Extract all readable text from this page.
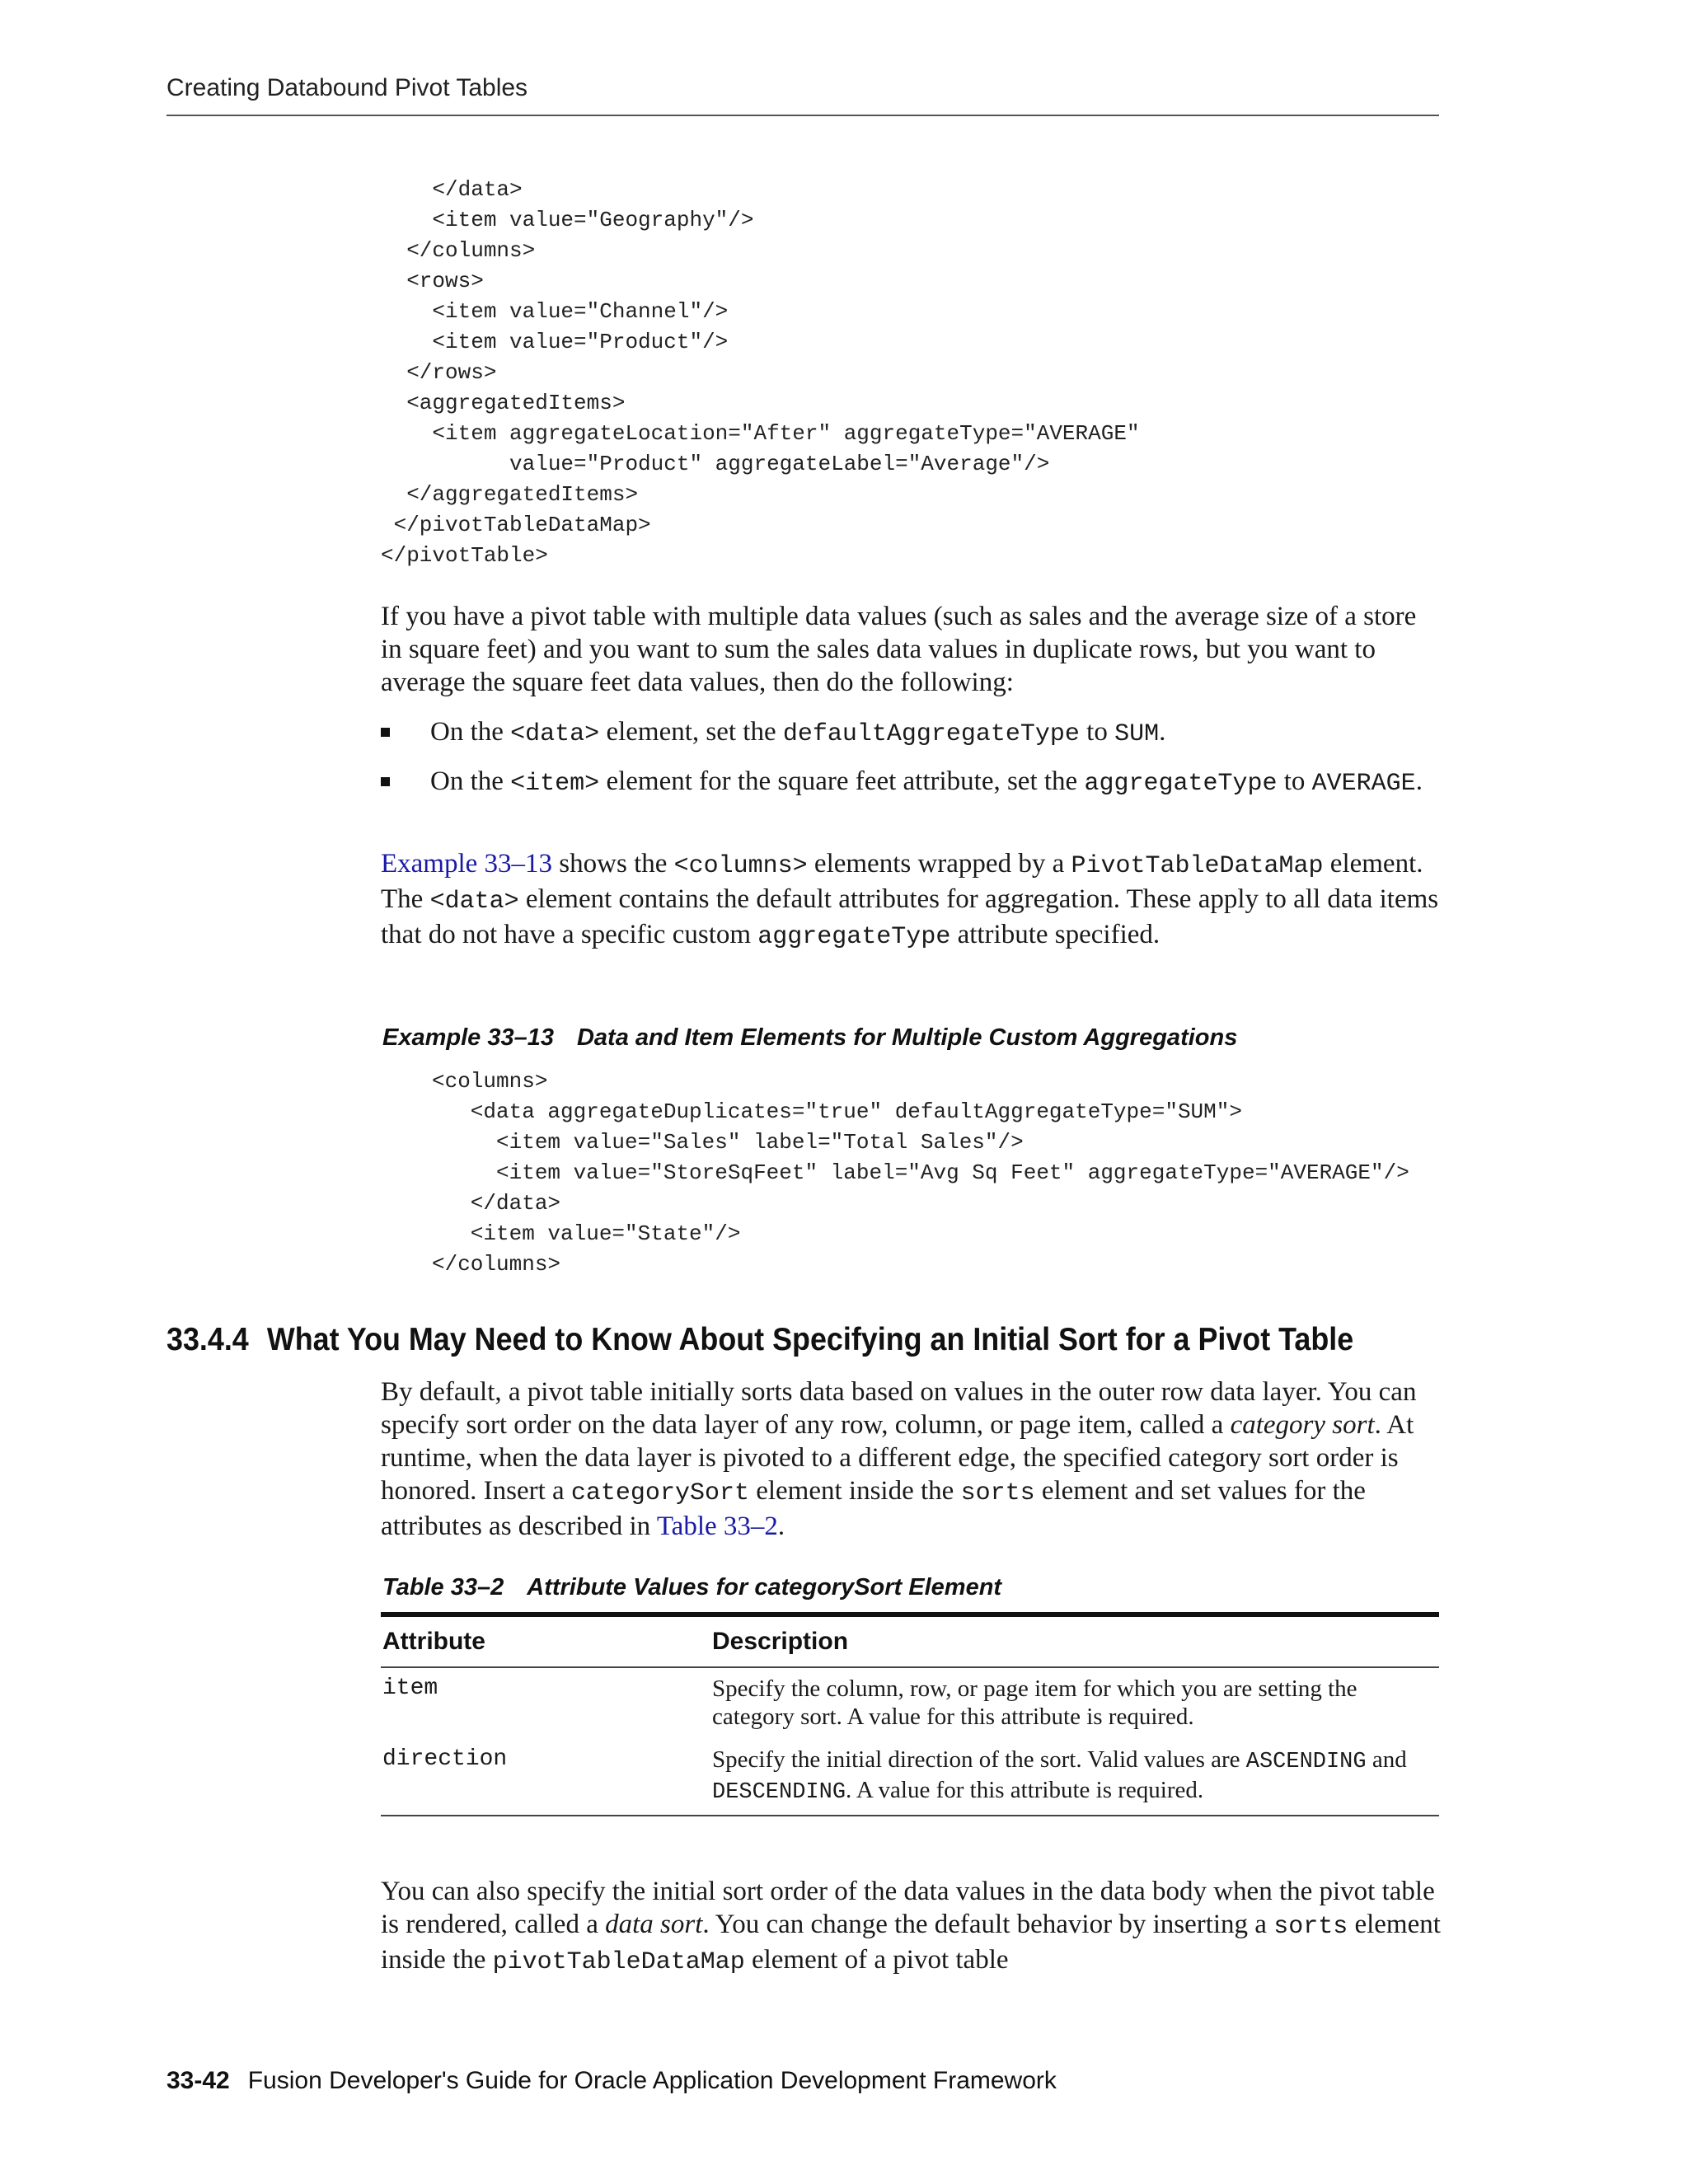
Creating Databound Pivot Tables
</data>
<item value="Geography"/>
</columns>
<rows>
<item value="Channel"/>
<item value="Product"/>
</rows>
<aggregatedItems>
<item aggregateLocation="After" aggregateType="AVERAGE"
value="Product" aggregateLabel="Average"/>
</aggregatedItems>
</pivotTableDataMap>
</pivotTable>

If you have a pivot table with multiple data values (such as sales and the average size of a store in square feet) and you want to sum the sales data values in duplicate rows, but you want to average the square feet data values, then do the following:

On the <data> element, set the defaultAggregateType to SUM.
On the <item> element for the square feet attribute, set the aggregateType to AVERAGE.

Example 33–13 shows the <columns> elements wrapped by a PivotTableDataMap element. The <data> element contains the default attributes for aggregation. These apply to all data items that do not have a specific custom aggregateType attribute specified.

Example 33–13 Data and Item Elements for Multiple Custom Aggregations
<columns>
<data aggregateDuplicates="true" defaultAggregateType="SUM">
<item value="Sales" label="Total Sales"/>
<item value="StoreSqFeet" label="Avg Sq Feet" aggregateType="AVERAGE"/>
</data>
<item value="State"/>
</columns>
33.4.4 What You May Need to Know About Specifying an Initial Sort for a Pivot Table

By default, a pivot table initially sorts data based on values in the outer row data layer. You can specify sort order on the data layer of any row, column, or page item, called a category sort. At runtime, when the data layer is pivoted to a different edge, the specified category sort order is honored. Insert a categorySort element inside the sorts element and set values for the attributes as described in Table 33–2.

Table 33–2 Attribute Values for categorySort Element
Attribute	Description
item	Specify the column, row, or page item for which you are setting the category sort. A value for this attribute is required.
direction	Specify the initial direction of the sort. Valid values are ASCENDING and DESCENDING. A value for this attribute is required.

You can also specify the initial sort order of the data values in the data body when the pivot table is rendered, called a data sort. You can change the default behavior by inserting a sorts element inside the pivotTableDataMap element of a pivot table

33-42 Fusion Developer's Guide for Oracle Application Development Framework
